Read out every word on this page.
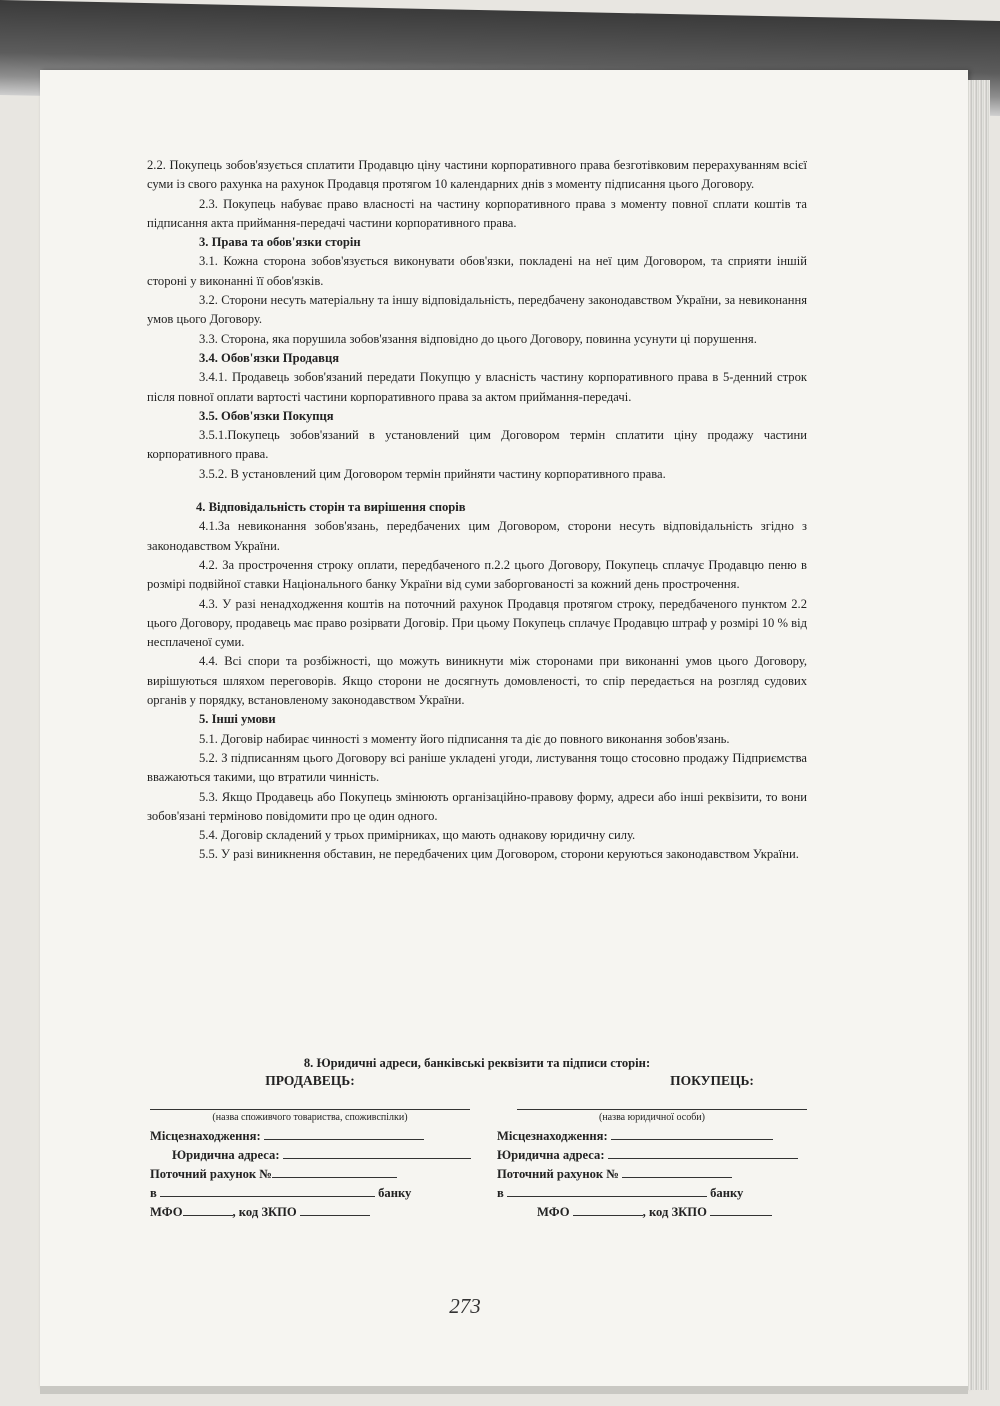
2.2. Покупець зобов'язується сплатити Продавцю ціну частини корпоративного права безготівковим перерахуванням всієї суми із свого рахунка на рахунок Продавця протягом 10 календарних днів з моменту підписання цього Договору.

2.3. Покупець набуває право власності на частину корпоративного права з моменту повної сплати коштів та підписання акта приймання-передачі частини корпоративного права.

3. Права та обов'язки сторін

3.1. Кожна сторона зобов'язується виконувати обов'язки, покладені на неї цим Договором, та сприяти іншій стороні у виконанні її обов'язків.

3.2. Сторони несуть матеріальну та іншу відповідальність, передбачену законодавством України, за невиконання умов цього Договору.

3.3. Сторона, яка порушила зобов'язання відповідно до цього Договору, повинна усунути ці порушення.

3.4. Обов'язки Продавця

3.4.1. Продавець зобов'язаний передати Покупцю у власність частину корпоративного права в 5-денний строк після повної оплати вартості частини корпоративного права за актом приймання-передачі.

3.5. Обов'язки Покупця

3.5.1.Покупець зобов'язаний в установлений цим Договором термін сплатити ціну продажу частини корпоративного права.

3.5.2. В установлений цим Договором термін прийняти частину корпоративного права.

4. Відповідальність сторін та вирішення спорів

4.1.За невиконання зобов'язань, передбачених цим Договором, сторони несуть відповідальність згідно з законодавством України.

4.2. За прострочення строку оплати, передбаченого п.2.2 цього Договору, Покупець сплачує Продавцю пеню в розмірі подвійної ставки Національного банку України від суми заборгованості за кожний день прострочення.

4.3. У разі ненадходження коштів на поточний рахунок Продавця протягом строку, передбаченого пунктом 2.2 цього Договору, продавець має право розірвати Договір. При цьому Покупець сплачує Продавцю штраф у розмірі 10 % від несплаченої суми.

4.4. Всі спори та розбіжності, що можуть виникнути між сторонами при виконанні умов цього Договору, вирішуються шляхом переговорів. Якщо сторони не досягнуть домовленості, то спір передається на розгляд судових органів у порядку, встановленому законодавством України.

5. Інші умови

5.1. Договір набирає чинності з моменту його підписання та діє до повного виконання зобов'язань.

5.2. З підписанням цього Договору всі раніше укладені угоди, листування тощо стосовно продажу Підприємства вважаються такими, що втратили чинність.

5.3. Якщо Продавець або Покупець змінюють організаційно-правову форму, адреси або інші реквізити, то вони зобов'язані терміново повідомити про це один одного.

5.4. Договір складений у трьох примірниках, що мають однакову юридичну силу.

5.5. У разі виникнення обставин, не передбачених цим Договором, сторони керуються законодавством України.

8. Юридичні адреси, банківські реквізити та підписи сторін:
ПРОДАВЕЦЬ:
(назва споживчого товариства, споживспілки)
Місцезнаходження:
Юридична адреса:
Поточний рахунок №
в	банку
МФО	, код ЗКПО
ПОКУПЕЦЬ:
(назва юридичної особи)
Місцезнаходження:
Юридична адреса:
Поточний рахунок №
в	банку
МФО	, код ЗКПО
273
